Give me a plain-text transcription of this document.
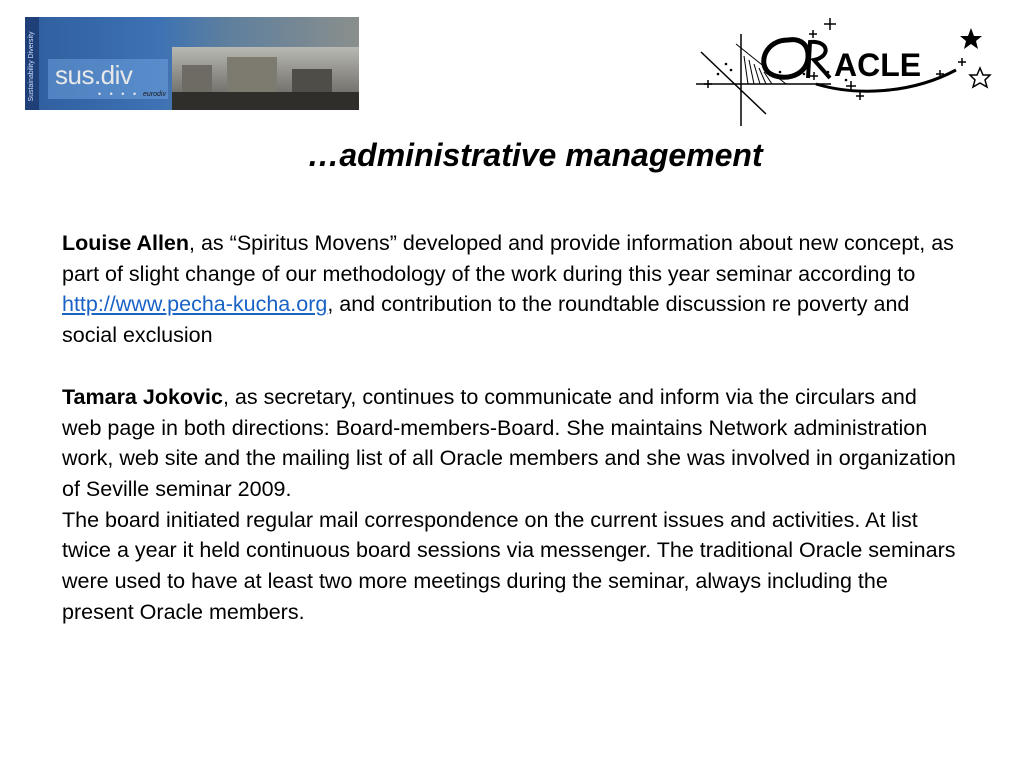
Sustainability Diversity sus.div
• • • • eurodiv
ACLE
…administrative management

Louise Allen, as “Spiritus Movens” developed and provide information about new concept, as part of slight change of our methodology of the work during this year seminar according to http://www.pecha-kucha.org, and contribution to the roundtable discussion re poverty and social exclusion

Tamara Jokovic, as secretary, continues to communicate and inform via the circulars and web page in both directions: Board-members-Board. She maintains Network administration work, web site and the mailing list of all Oracle members and she was involved in organization of Seville seminar 2009.

The board initiated regular mail correspondence on the current issues and activities. At list twice a year it held continuous board sessions via messenger. The traditional Oracle seminars were used to have at least two more meetings during the seminar, always including the present Oracle members.
